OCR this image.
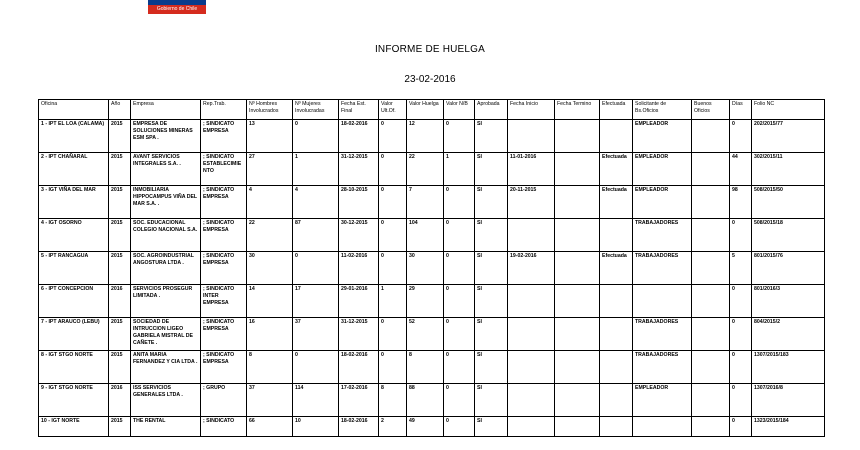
Gobierno de Chile
INFORME DE HUELGA
23-02-2016
Oficina	Año	Empresa	Rep.Trab.	Nº Hombres Involucrados	Nº Mujeres Involucradas	Fecha Est. Final	Valor Ult.Of.	Valor Huelga	Valor N/B	Aprobada	Fecha Inicio	Fecha Termino	Efectuada	Solicitante de Bs.Oficios	Buenos Oficios	Días	Folio NC
1 - IPT EL LOA (CALAMA)	2015	EMPRESA DE SOLUCIONES MINERAS ESM SPA .	; SINDICATO EMPRESA	13	0	18-02-2016	0	12	0	SI				EMPLEADOR		0	202/2015/77
2 - IPT CHAÑARAL	2015	AVANT SERVICIOS INTEGRALES S.A. .	; SINDICATO ESTABLECIMIENTO	27	1	31-12-2015	0	22	1	SI	11-01-2016		Efectuada	EMPLEADOR		44	302/2015/11
3 - IGT VIÑA DEL MAR	2015	INMOBILIARIA HIPPOCAMPUS VIÑA DEL MAR S.A. .	; SINDICATO EMPRESA	4	4	28-10-2015	0	7	0	SI	20-11-2015		Efectuada	EMPLEADOR		98	508/2015/50
4 - IGT OSORNO	2015	SOC. EDUCACIONAL COLEGIO NACIONAL S.A.	; SINDICATO EMPRESA	22	87	30-12-2015	0	104	0	SI				TRABAJADORES		0	508/2015/18
5 - IPT RANCAGUA	2015	SOC. AGROINDUSTRIAL ANGOSTURA LTDA .	; SINDICATO EMPRESA	30	0	11-02-2016	0	30	0	SI	19-02-2016		Efectuada	TRABAJADORES		5	801/2015/76
6 - IPT CONCEPCION	2016	SERVICIOS PROSEGUR LIMITADA .	; SINDICATO INTER EMPRESA	14	17	29-01-2016	1	29	0	SI						0	801/2016/3
7 - IPT ARAUCO (LEBU)	2015	SOCIEDAD DE INTRUCCION LIGEO GABRIELA MISTRAL DE CAÑETE .	; SINDICATO EMPRESA	16	37	31-12-2015	0	52	0	SI				TRABAJADORES		0	804/2015/2
8 - IGT STGO NORTE	2015	ANITA MARIA FERNANDEZ Y CIA LTDA .	; SINDICATO EMPRESA	8	0	18-02-2016	0	8	0	SI				TRABAJADORES		0	1307/2015/183
9 - IGT STGO NORTE	2016	ISS SERVICIOS GENERALES LTDA .	; GRUPO	37	114	17-02-2016	8	88	0	SI				EMPLEADOR		0	1307/2016/8
10 - IGT NORTE	2015	THE RENTAL	; SINDICATO	66	10	18-02-2016	2	49	0	SI						0	1323/2015/184
